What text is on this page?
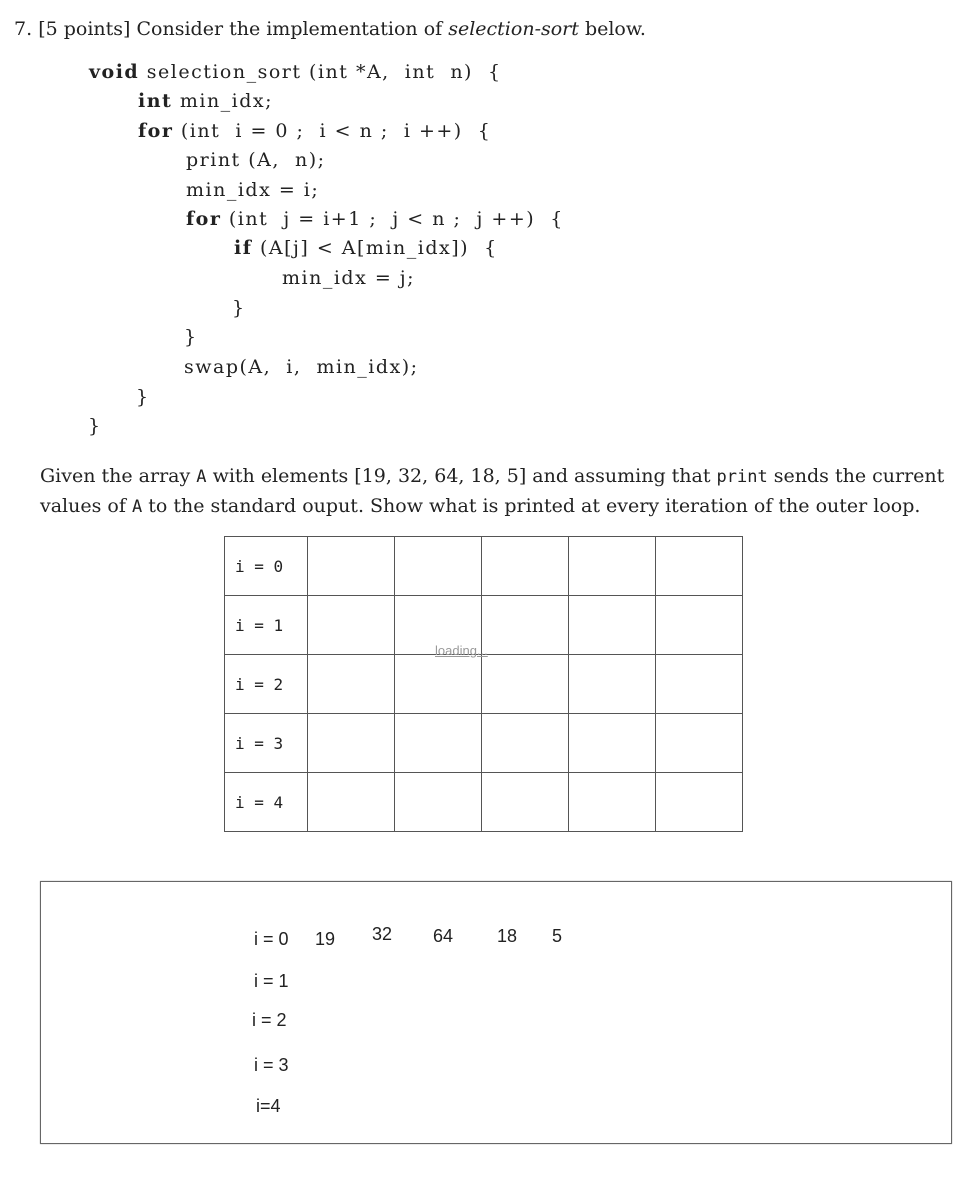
7. [5 points] Consider the implementation of selection-sort below.
void selection_sort (int *A,  int  n)  {
int min_idx;
for (int  i = 0 ;  i < n ;  i ++)  {
print (A,  n);
min_idx = i;
for (int  j = i+1 ;  j < n ;  j ++)  {
if (A[j] < A[min_idx])  {
min_idx = j;
}
}
swap(A,  i,  min_idx);
}
}
Given the array A with elements [19, 32, 64, 18, 5] and assuming that print sends the current values of A to the standard ouput. Show what is printed at every iteration of the outer loop.
i = 0					
i = 1					
i = 2					
i = 3					
i = 4					
loading...
i = 0 19 32 64 18 5
i = 1
i = 2
i = 3
i=4
